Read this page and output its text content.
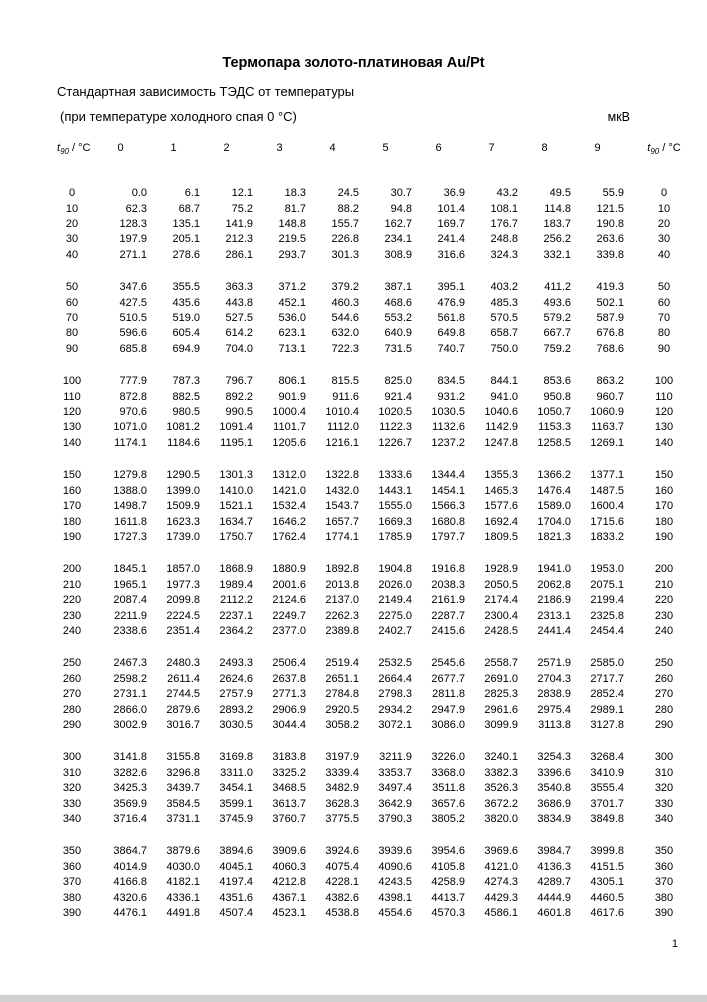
Термопара золото-платиновая Au/Pt

Стандартная зависимость ТЭДС от температуры

(при температуре холодного спая 0 °C)	мкВ

$t_{90} / ^\circ C$	0	1	2	3	4	5	6	7	8	9	$t_{90} / ^\circ C$
0	0.0	6.1	12.1	18.3	24.5	30.7	36.9	43.2	49.5	55.9	0
10	62.3	68.7	75.2	81.7	88.2	94.8	101.4	108.1	114.8	121.5	10
20	128.3	135.1	141.9	148.8	155.7	162.7	169.7	176.7	183.7	190.8	20
30	197.9	205.1	212.3	219.5	226.8	234.1	241.4	248.8	256.2	263.6	30
40	271.1	278.6	286.1	293.7	301.3	308.9	316.6	324.3	332.1	339.8	40

50	347.6	355.5	363.3	371.2	379.2	387.1	395.1	403.2	411.2	419.3	50
60	427.5	435.6	443.8	452.1	460.3	468.6	476.9	485.3	493.6	502.1	60
70	510.5	519.0	527.5	536.0	544.6	553.2	561.8	570.5	579.2	587.9	70
80	596.6	605.4	614.2	623.1	632.0	640.9	649.8	658.7	667.7	676.8	80
90	685.8	694.9	704.0	713.1	722.3	731.5	740.7	750.0	759.2	768.6	90

100	777.9	787.3	796.7	806.1	815.5	825.0	834.5	844.1	853.6	863.2	100
110	872.8	882.5	892.2	901.9	911.6	921.4	931.2	941.0	950.8	960.7	110
120	970.6	980.5	990.5	1000.4	1010.4	1020.5	1030.5	1040.6	1050.7	1060.9	120
130	1071.0	1081.2	1091.4	1101.7	1112.0	1122.3	1132.6	1142.9	1153.3	1163.7	130
140	1174.1	1184.6	1195.1	1205.6	1216.1	1226.7	1237.2	1247.8	1258.5	1269.1	140

150	1279.8	1290.5	1301.3	1312.0	1322.8	1333.6	1344.4	1355.3	1366.2	1377.1	150
160	1388.0	1399.0	1410.0	1421.0	1432.0	1443.1	1454.1	1465.3	1476.4	1487.5	160
170	1498.7	1509.9	1521.1	1532.4	1543.7	1555.0	1566.3	1577.6	1589.0	1600.4	170
180	1611.8	1623.3	1634.7	1646.2	1657.7	1669.3	1680.8	1692.4	1704.0	1715.6	180
190	1727.3	1739.0	1750.7	1762.4	1774.1	1785.9	1797.7	1809.5	1821.3	1833.2	190

200	1845.1	1857.0	1868.9	1880.9	1892.8	1904.8	1916.8	1928.9	1941.0	1953.0	200
210	1965.1	1977.3	1989.4	2001.6	2013.8	2026.0	2038.3	2050.5	2062.8	2075.1	210
220	2087.4	2099.8	2112.2	2124.6	2137.0	2149.4	2161.9	2174.4	2186.9	2199.4	220
230	2211.9	2224.5	2237.1	2249.7	2262.3	2275.0	2287.7	2300.4	2313.1	2325.8	230
240	2338.6	2351.4	2364.2	2377.0	2389.8	2402.7	2415.6	2428.5	2441.4	2454.4	240

250	2467.3	2480.3	2493.3	2506.4	2519.4	2532.5	2545.6	2558.7	2571.9	2585.0	250
260	2598.2	2611.4	2624.6	2637.8	2651.1	2664.4	2677.7	2691.0	2704.3	2717.7	260
270	2731.1	2744.5	2757.9	2771.3	2784.8	2798.3	2811.8	2825.3	2838.9	2852.4	270
280	2866.0	2879.6	2893.2	2906.9	2920.5	2934.2	2947.9	2961.6	2975.4	2989.1	280
290	3002.9	3016.7	3030.5	3044.4	3058.2	3072.1	3086.0	3099.9	3113.8	3127.8	290

300	3141.8	3155.8	3169.8	3183.8	3197.9	3211.9	3226.0	3240.1	3254.3	3268.4	300
310	3282.6	3296.8	3311.0	3325.2	3339.4	3353.7	3368.0	3382.3	3396.6	3410.9	310
320	3425.3	3439.7	3454.1	3468.5	3482.9	3497.4	3511.8	3526.3	3540.8	3555.4	320
330	3569.9	3584.5	3599.1	3613.7	3628.3	3642.9	3657.6	3672.2	3686.9	3701.7	330
340	3716.4	3731.1	3745.9	3760.7	3775.5	3790.3	3805.2	3820.0	3834.9	3849.8	340

350	3864.7	3879.6	3894.6	3909.6	3924.6	3939.6	3954.6	3969.6	3984.7	3999.8	350
360	4014.9	4030.0	4045.1	4060.3	4075.4	4090.6	4105.8	4121.0	4136.3	4151.5	360
370	4166.8	4182.1	4197.4	4212.8	4228.1	4243.5	4258.9	4274.3	4289.7	4305.1	370
380	4320.6	4336.1	4351.6	4367.1	4382.6	4398.1	4413.7	4429.3	4444.9	4460.5	380
390	4476.1	4491.8	4507.4	4523.1	4538.8	4554.6	4570.3	4586.1	4601.8	4617.6	390
1
